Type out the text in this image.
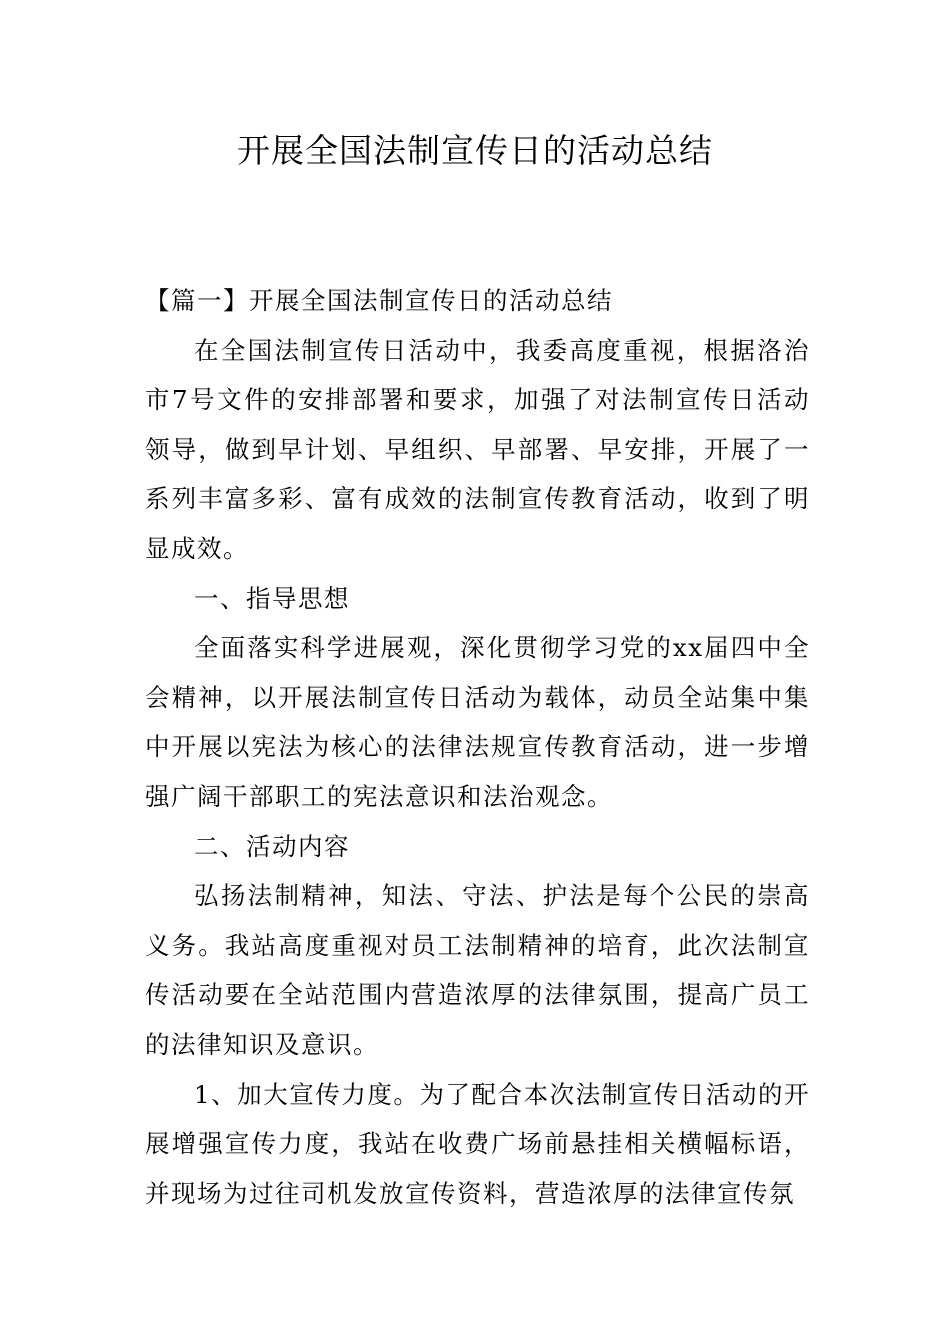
开展全国法制宣传日的活动总结

【篇一】开展全国法制宣传日的活动总结

在全国法制宣传日活动中，我委高度重视，根据洛治市7号文件的安排部署和要求，加强了对法制宣传日活动领导，做到早计划、早组织、早部署、早安排，开展了一系列丰富多彩、富有成效的法制宣传教育活动，收到了明显成效。

一、指导思想

全面落实科学进展观，深化贯彻学习党的xx届四中全会精神，以开展法制宣传日活动为载体，动员全站集中集中开展以宪法为核心的法律法规宣传教育活动，进一步增强广阔干部职工的宪法意识和法治观念。

二、活动内容

弘扬法制精神，知法、守法、护法是每个公民的崇高义务。我站高度重视对员工法制精神的培育，此次法制宣传活动要在全站范围内营造浓厚的法律氛围，提高广员工的法律知识及意识。

1、加大宣传力度。为了配合本次法制宣传日活动的开展增强宣传力度，我站在收费广场前悬挂相关横幅标语，并现场为过往司机发放宣传资料，营造浓厚的法律宣传氛
